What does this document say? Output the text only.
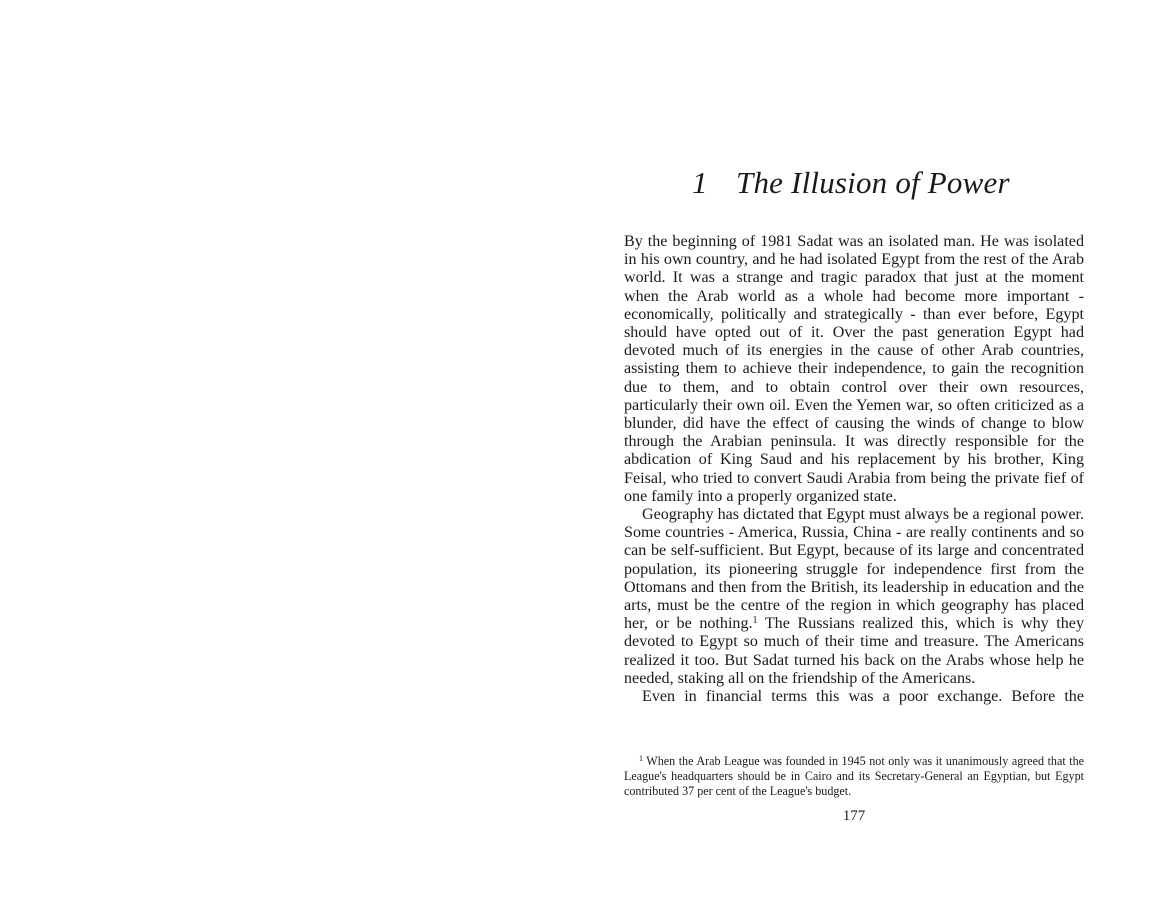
1 The Illusion of Power

By the beginning of 1981 Sadat was an isolated man. He was isolated in his own country, and he had isolated Egypt from the rest of the Arab world. It was a strange and tragic paradox that just at the moment when the Arab world as a whole had become more important - economically, politically and strategically - than ever before, Egypt should have opted out of it. Over the past generation Egypt had devoted much of its energies in the cause of other Arab countries, assisting them to achieve their independence, to gain the recognition due to them, and to obtain control over their own resources, particularly their own oil. Even the Yemen war, so often criticized as a blunder, did have the effect of causing the winds of change to blow through the Arabian peninsula. It was directly responsible for the abdication of King Saud and his replacement by his brother, King Feisal, who tried to convert Saudi Arabia from being the private fief of one family into a properly organized state.

Geography has dictated that Egypt must always be a regional power. Some countries - America, Russia, China - are really continents and so can be self-sufficient. But Egypt, because of its large and concentrated population, its pioneering struggle for independence first from the Ottomans and then from the British, its leadership in education and the arts, must be the centre of the region in which geography has placed her, or be nothing.$^1$ The Russians realized this, which is why they devoted to Egypt so much of their time and treasure. The Americans realized it too. But Sadat turned his back on the Arabs whose help he needed, staking all on the friendship of the Americans.

Even in financial terms this was a poor exchange. Before the

$^1$ When the Arab League was founded in 1945 not only was it unanimously agreed that the League's headquarters should be in Cairo and its Secretary-General an Egyptian, but Egypt contributed 37 per cent of the League's budget.

177
